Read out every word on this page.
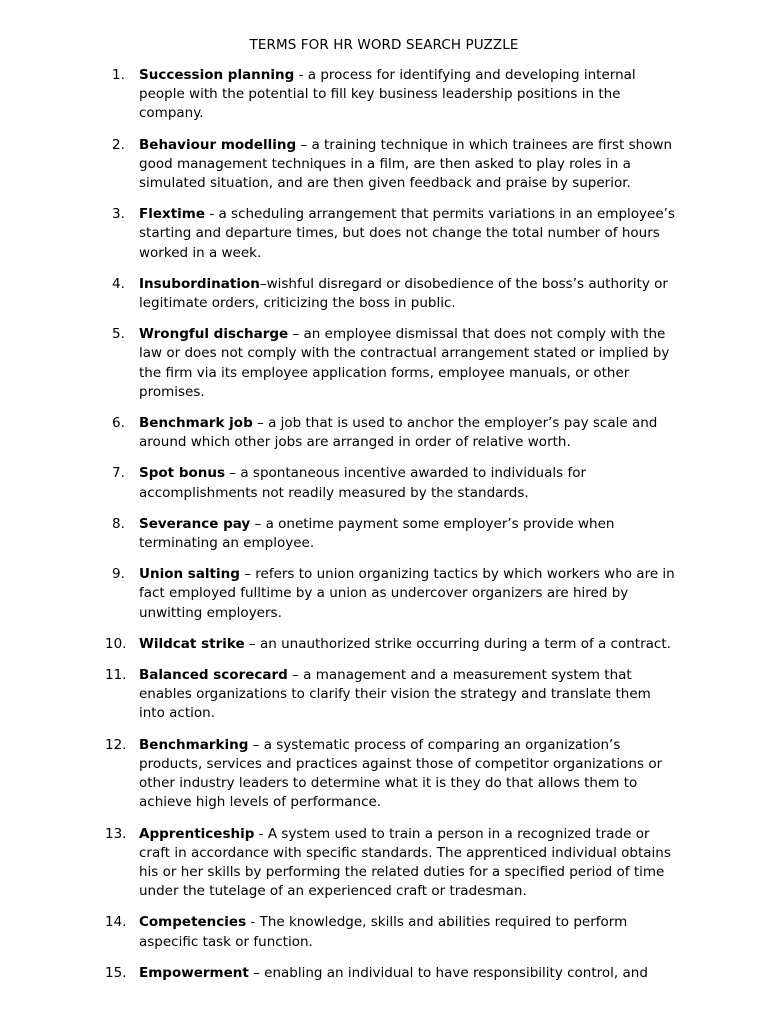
TERMS FOR HR WORD SEARCH PUZZLE
1.	Succession planning - a process for identifying and developing internal people with the potential to fill key business leadership positions in the company.
2.	Behaviour modelling – a training technique in which trainees are first shown good management techniques in a film, are then asked to play roles in a simulated situation, and are then given feedback and praise by superior.
3.	Flextime - a scheduling arrangement that permits variations in an employee’s starting and departure times, but does not change the total number of hours worked in a week.
4.	Insubordination–wishful disregard or disobedience of the boss’s authority or legitimate orders, criticizing the boss in public.
5.	Wrongful discharge – an employee dismissal that does not comply with the law or does not comply with the contractual arrangement stated or implied by the firm via its employee application forms, employee manuals, or other promises.
6.	Benchmark job – a job that is used to anchor the employer’s pay scale and around which other jobs are arranged in order of relative worth.
7.	Spot bonus – a spontaneous incentive awarded to individuals for accomplishments not readily measured by the standards.
8.	Severance pay – a onetime payment some employer’s provide when terminating an employee.
9.	Union salting – refers to union organizing tactics by which workers who are in fact employed fulltime by a union as undercover organizers are hired by unwitting employers.
10. Wildcat strike – an unauthorized strike occurring during a term of a contract.
11. Balanced scorecard – a management and a measurement system that enables organizations to clarify their vision the strategy and translate them into action.
12. Benchmarking – a systematic process of comparing an organization’s products, services and practices against those of competitor organizations or other industry leaders to determine what it is they do that allows them to achieve high levels of performance.
13. Apprenticeship - A system used to train a person in a recognized trade or craft in accordance with specific standards. The apprenticed individual obtains his or her skills by performing the related duties for a specified period of time under the tutelage of an experienced craft or tradesman.
14. Competencies - The knowledge, skills and abilities required to perform aspecific task or function.
15. Empowerment – enabling an individual to have responsibility control, and
